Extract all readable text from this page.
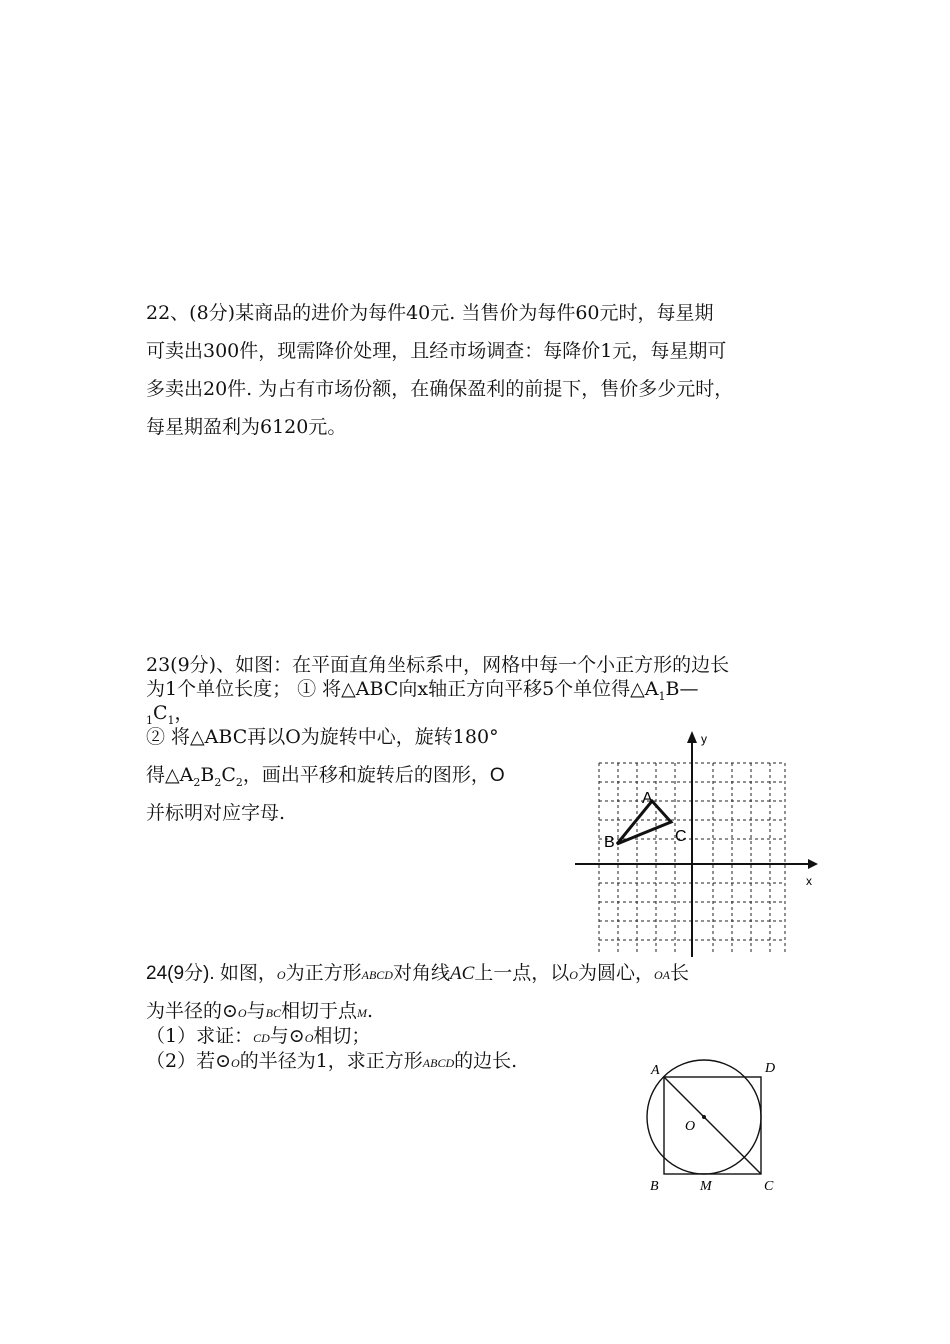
22、(8分)某商品的进价为每件40元. 当售价为每件60元时，每星期
可卖出300件，现需降价处理，且经市场调查：每降价1元，每星期可
多卖出20件. 为占有市场份额，在确保盈利的前提下，售价多少元时，
每星期盈利为6120元。
23(9分)、如图：在平面直角坐标系中，网格中每一个小正方形的边长
为1个单位长度； ① 将△ABC向x轴正方向平移5个单位得$\triangle A_1B—$
$_1C_1$，
② 将△ABC再以O为旋转中心，旋转180°
得$\triangle A_2B_2C_2$，画出平移和旋转后的图形，O
并标明对应字母.
A
B	C
x
y
24(9分). 如图，O为正方形ABCD对角线AC上一点，以O为圆心，OA长
为半径的⊙O与BC相切于点M.
（1）求证：CD与⊙O相切；
（2）若⊙O的半径为1，求正方形ABCD的边长.	A	D
B	C
O
M
